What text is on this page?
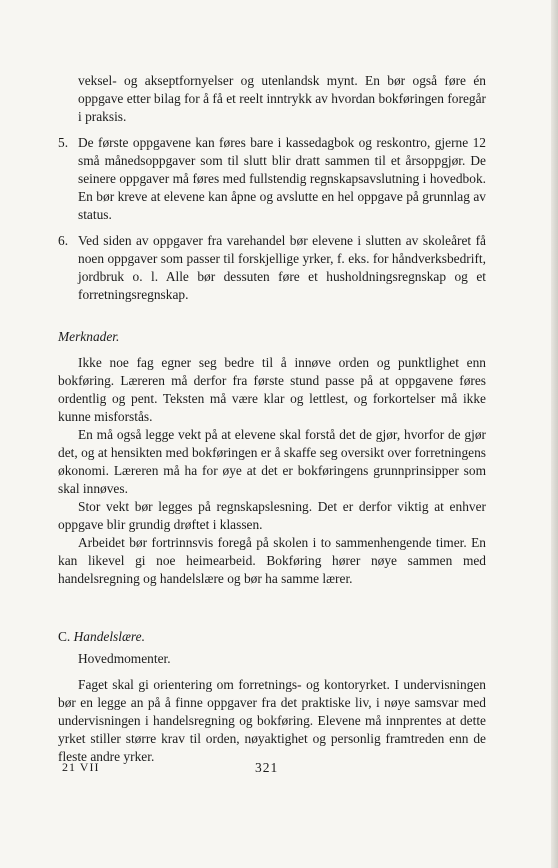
veksel- og akseptfornyelser og utenlandsk mynt. En bør også føre én oppgave etter bilag for å få et reelt inntrykk av hvordan bokføringen foregår i praksis.

5. De første oppgavene kan føres bare i kassedagbok og reskontro, gjerne 12 små månedsoppgaver som til slutt blir dratt sammen til et årsoppgjør. De seinere oppgaver må føres med fullstendig regnskapsavslutning i hovedbok. En bør kreve at elevene kan åpne og avslutte en hel oppgave på grunnlag av status.

6. Ved siden av oppgaver fra varehandel bør elevene i slutten av skoleåret få noen oppgaver som passer til forskjellige yrker, f. eks. for håndverksbedrift, jordbruk o. l. Alle bør dessuten føre et husholdningsregnskap og et forretningsregnskap.

Merknader.

Ikke noe fag egner seg bedre til å innøve orden og punktlighet enn bokføring. Læreren må derfor fra første stund passe på at oppgavene føres ordentlig og pent. Teksten må være klar og lettlest, og forkortelser må ikke kunne misforstås.

En må også legge vekt på at elevene skal forstå det de gjør, hvorfor de gjør det, og at hensikten med bokføringen er å skaffe seg oversikt over forretningens økonomi. Læreren må ha for øye at det er bokføringens grunnprinsipper som skal innøves.

Stor vekt bør legges på regnskapslesning. Det er derfor viktig at enhver oppgave blir grundig drøftet i klassen.

Arbeidet bør fortrinnsvis foregå på skolen i to sammenhengende timer. En kan likevel gi noe heimearbeid. Bokføring hører nøye sammen med handelsregning og handelslære og bør ha samme lærer.

C. Handelslære.

Hovedmomenter.

Faget skal gi orientering om forretnings- og kontoryrket. I undervisningen bør en legge an på å finne oppgaver fra det praktiske liv, i nøye samsvar med undervisningen i handelsregning og bokføring. Elevene må innprentes at dette yrket stiller større krav til orden, nøyaktighet og personlig framtreden enn de fleste andre yrker.

21 VII	321
